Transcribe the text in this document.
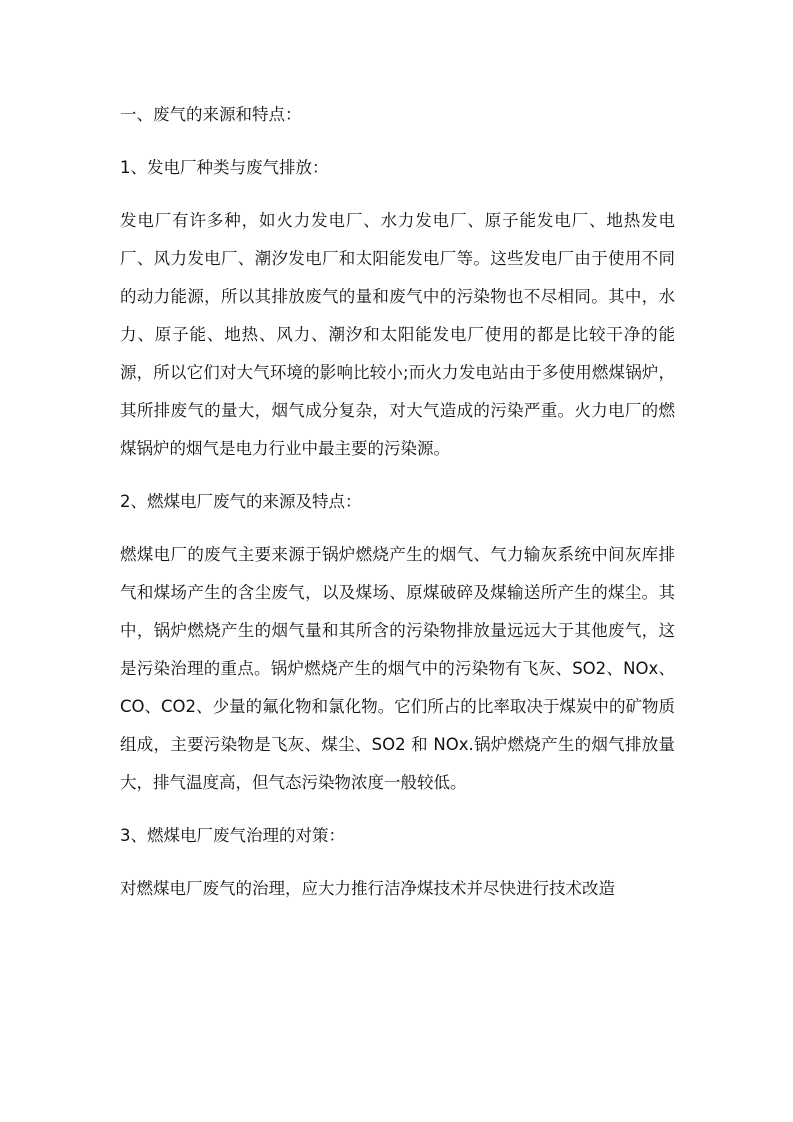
一、废气的来源和特点：

1、发电厂种类与废气排放：

发电厂有许多种，如火力发电厂、水力发电厂、原子能发电厂、地热发电厂、风力发电厂、潮汐发电厂和太阳能发电厂等。这些发电厂由于使用不同的动力能源，所以其排放废气的量和废气中的污染物也不尽相同。其中，水力、原子能、地热、风力、潮汐和太阳能发电厂使用的都是比较干净的能源，所以它们对大气环境的影响比较小;而火力发电站由于多使用燃煤锅炉，其所排废气的量大，烟气成分复杂，对大气造成的污染严重。火力电厂的燃煤锅炉的烟气是电力行业中最主要的污染源。

2、燃煤电厂废气的来源及特点：

燃煤电厂的废气主要来源于锅炉燃烧产生的烟气、气力输灰系统中间灰库排气和煤场产生的含尘废气，以及煤场、原煤破碎及煤输送所产生的煤尘。其中，锅炉燃烧产生的烟气量和其所含的污染物排放量远远大于其他废气，这是污染治理的重点。锅炉燃烧产生的烟气中的污染物有飞灰、SO2、NOx、CO、CO2、少量的氟化物和氯化物。它们所占的比率取决于煤炭中的矿物质组成，主要污染物是飞灰、煤尘、SO2 和 NOx.锅炉燃烧产生的烟气排放量大，排气温度高，但气态污染物浓度一般较低。

3、燃煤电厂废气治理的对策：

对燃煤电厂废气的治理，应大力推行洁净煤技术并尽快进行技术改造
